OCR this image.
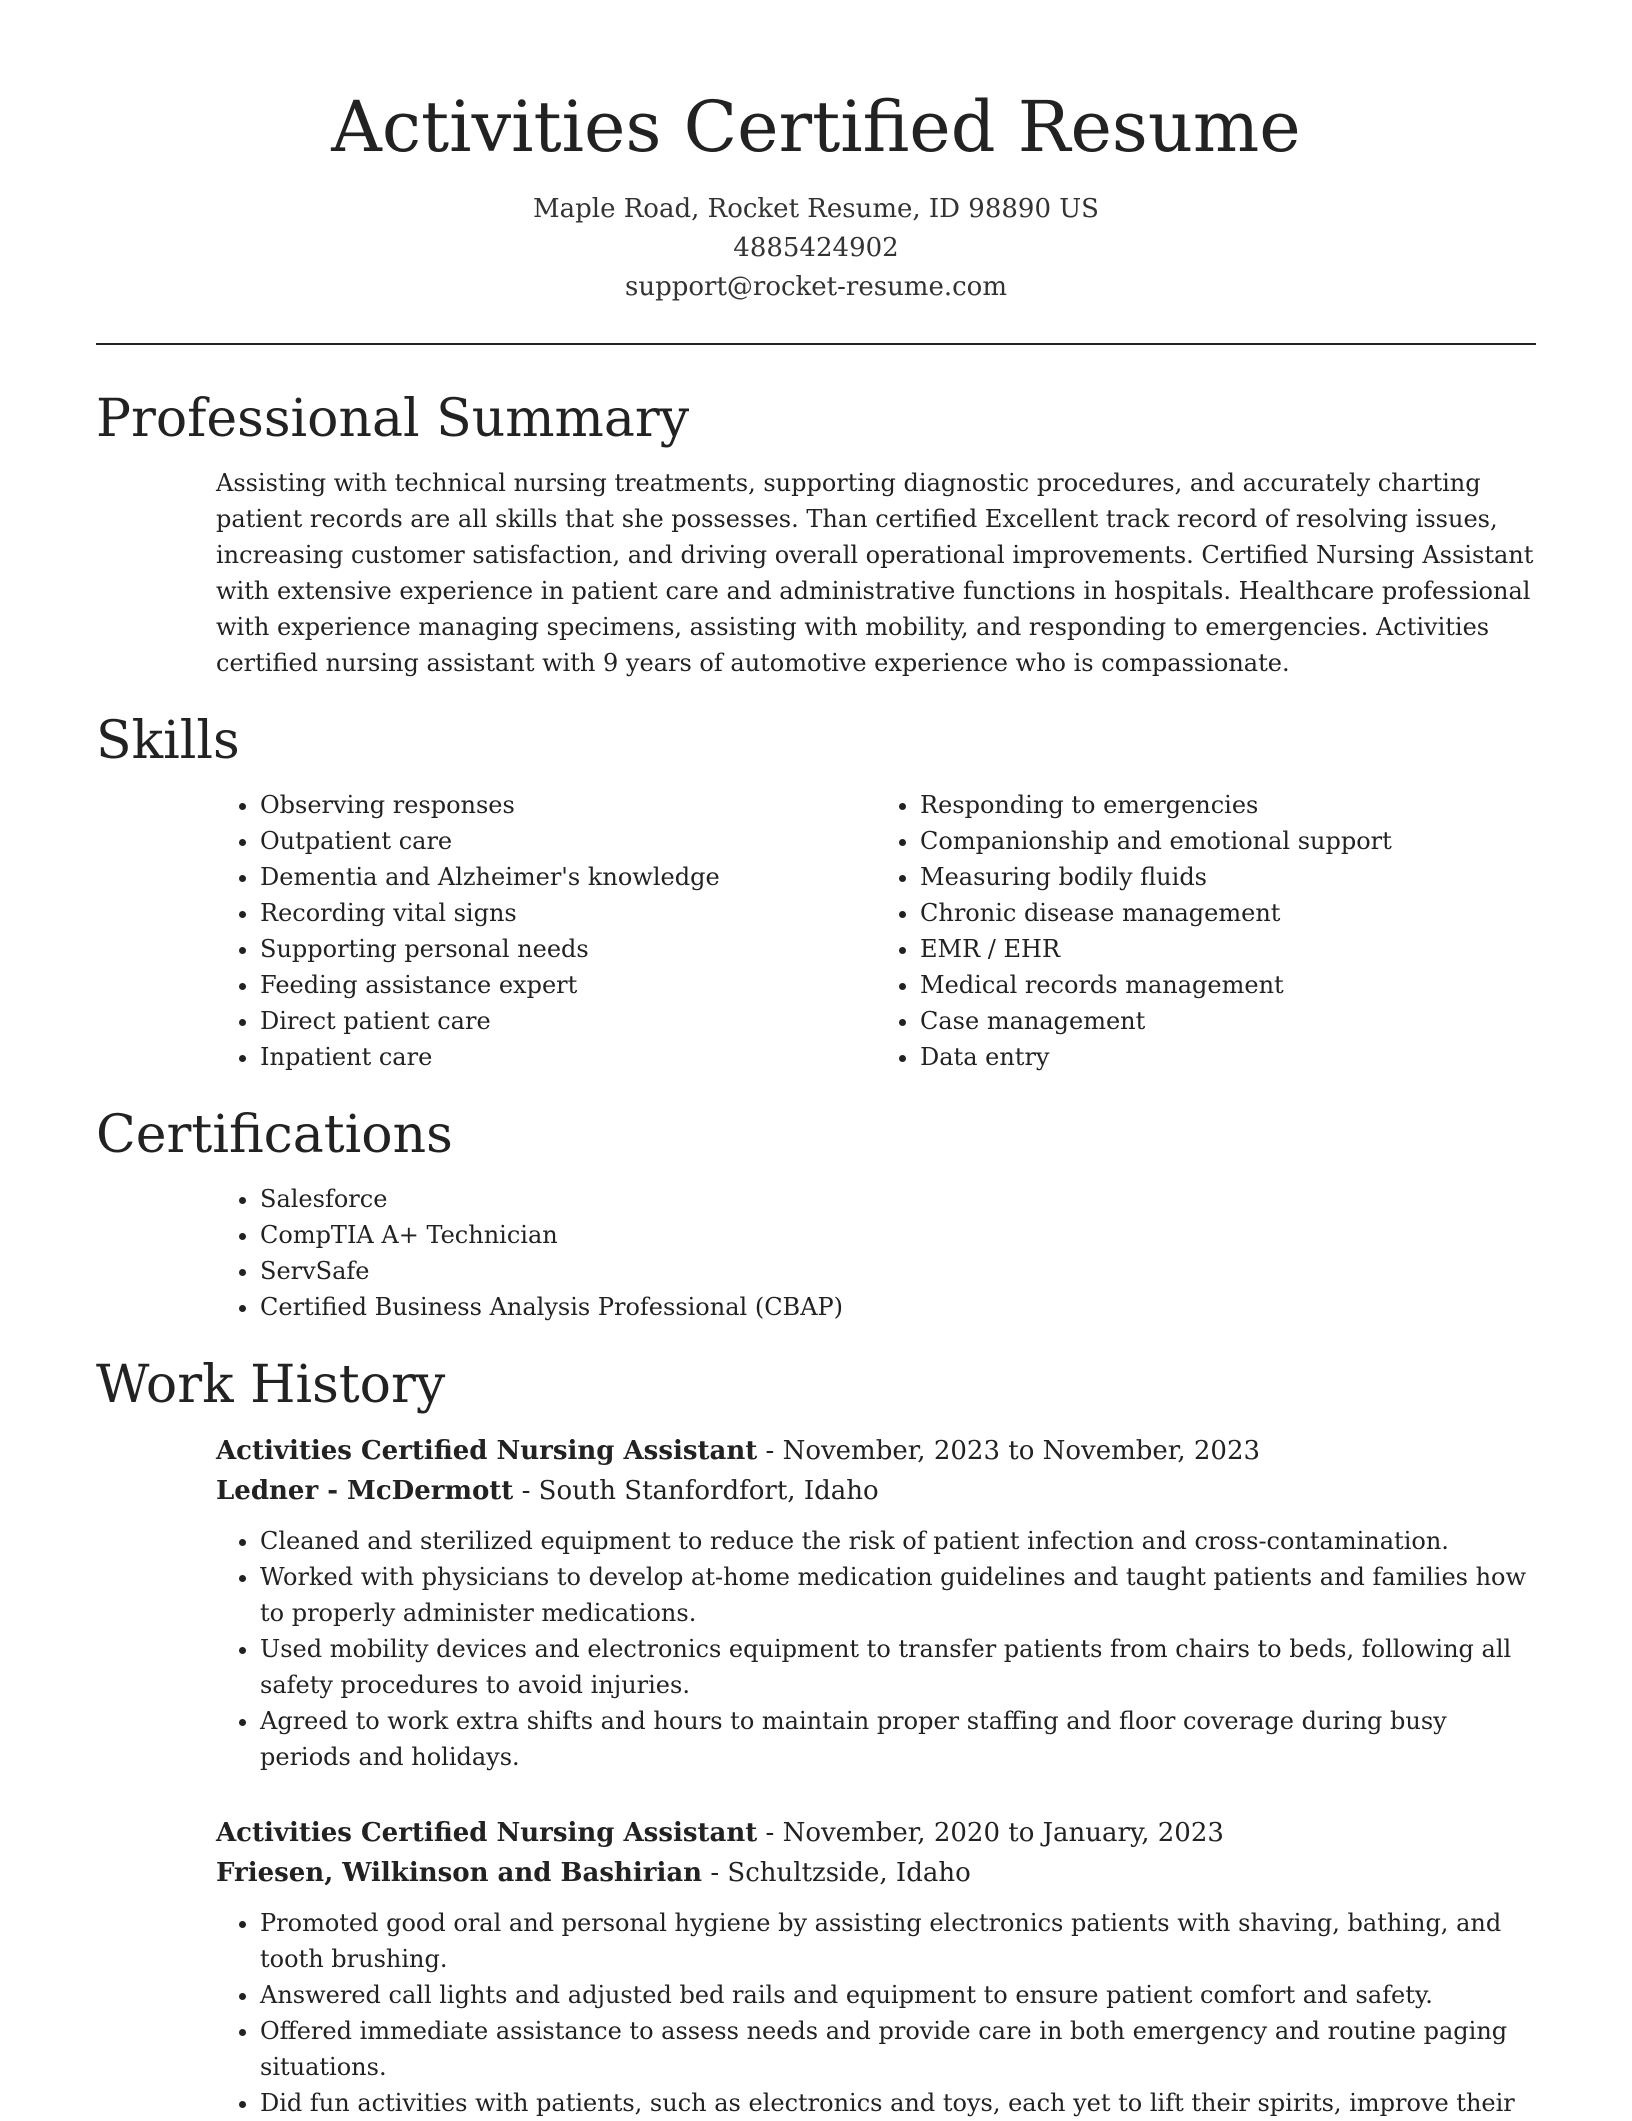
Activities Certified Resume
Maple Road, Rocket Resume, ID 98890 US
4885424902
support@rocket-resume.com
Professional Summary

Assisting with technical nursing treatments, supporting diagnostic procedures, and accurately charting patient records are all skills that she possesses. Than certified Excellent track record of resolving issues, increasing customer satisfaction, and driving overall operational improvements. Certified Nursing Assistant with extensive experience in patient care and administrative functions in hospitals. Healthcare professional with experience managing specimens, assisting with mobility, and responding to emergencies. Activities certified nursing assistant with 9 years of automotive experience who is compassionate.

Skills
• Observing responses
• Outpatient care
• Dementia and Alzheimer's knowledge
• Recording vital signs
• Supporting personal needs
• Feeding assistance expert
• Direct patient care
• Inpatient care
• Responding to emergencies
• Companionship and emotional support
• Measuring bodily fluids
• Chronic disease management
• EMR / EHR
• Medical records management
• Case management
• Data entry
Certifications
• Salesforce
• CompTIA A+ Technician
• ServSafe
• Certified Business Analysis Professional (CBAP)
Work History
Activities Certified Nursing Assistant - November, 2023 to November, 2023
Ledner - McDermott - South Stanfordfort, Idaho
• Cleaned and sterilized equipment to reduce the risk of patient infection and cross-contamination.
• Worked with physicians to develop at-home medication guidelines and taught patients and families how to properly administer medications.
• Used mobility devices and electronics equipment to transfer patients from chairs to beds, following all safety procedures to avoid injuries.
• Agreed to work extra shifts and hours to maintain proper staffing and floor coverage during busy periods and holidays.
Activities Certified Nursing Assistant - November, 2020 to January, 2023
Friesen, Wilkinson and Bashirian - Schultzside, Idaho
• Promoted good oral and personal hygiene by assisting electronics patients with shaving, bathing, and tooth brushing.
• Answered call lights and adjusted bed rails and equipment to ensure patient comfort and safety.
• Offered immediate assistance to assess needs and provide care in both emergency and routine paging situations.
• Did fun activities with patients, such as electronics and toys, each yet to lift their spirits, improve their
